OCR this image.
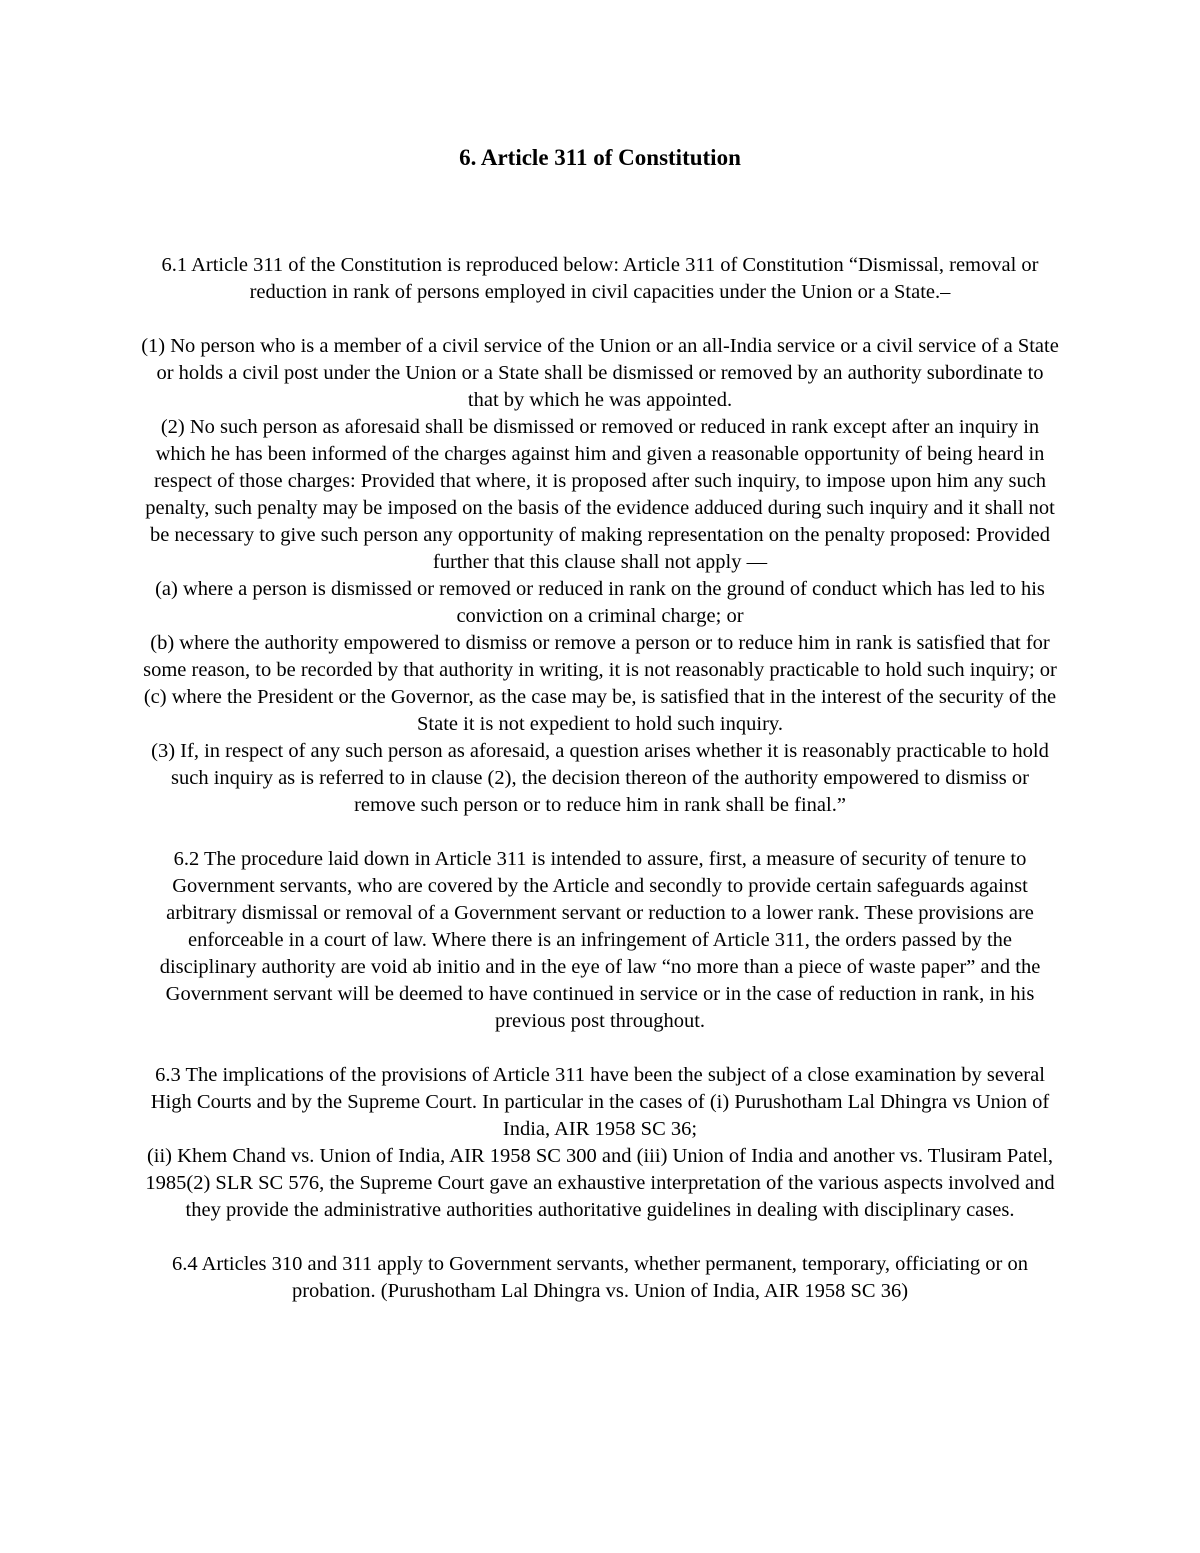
6. Article 311 of Constitution

6.1 Article 311 of the Constitution is reproduced below: Article 311 of Constitution “Dismissal, removal or reduction in rank of persons employed in civil capacities under the Union or a State.–

(1) No person who is a member of a civil service of the Union or an all-India service or a civil service of a State or holds a civil post under the Union or a State shall be dismissed or removed by an authority subordinate to that by which he was appointed.

(2) No such person as aforesaid shall be dismissed or removed or reduced in rank except after an inquiry in which he has been informed of the charges against him and given a reasonable opportunity of being heard in respect of those charges: Provided that where, it is proposed after such inquiry, to impose upon him any such penalty, such penalty may be imposed on the basis of the evidence adduced during such inquiry and it shall not be necessary to give such person any opportunity of making representation on the penalty proposed: Provided further that this clause shall not apply —

(a) where a person is dismissed or removed or reduced in rank on the ground of conduct which has led to his conviction on a criminal charge; or

(b) where the authority empowered to dismiss or remove a person or to reduce him in rank is satisfied that for some reason, to be recorded by that authority in writing, it is not reasonably practicable to hold such inquiry; or

(c) where the President or the Governor, as the case may be, is satisfied that in the interest of the security of the State it is not expedient to hold such inquiry.

(3) If, in respect of any such person as aforesaid, a question arises whether it is reasonably practicable to hold such inquiry as is referred to in clause (2), the decision thereon of the authority empowered to dismiss or remove such person or to reduce him in rank shall be final.”

6.2 The procedure laid down in Article 311 is intended to assure, first, a measure of security of tenure to Government servants, who are covered by the Article and secondly to provide certain safeguards against arbitrary dismissal or removal of a Government servant or reduction to a lower rank. These provisions are enforceable in a court of law. Where there is an infringement of Article 311, the orders passed by the disciplinary authority are void ab initio and in the eye of law “no more than a piece of waste paper” and the Government servant will be deemed to have continued in service or in the case of reduction in rank, in his previous post throughout.

6.3 The implications of the provisions of Article 311 have been the subject of a close examination by several High Courts and by the Supreme Court. In particular in the cases of (i) Purushotham Lal Dhingra vs Union of India, AIR 1958 SC 36;

(ii) Khem Chand vs. Union of India, AIR 1958 SC 300 and (iii) Union of India and another vs. Tlusiram Patel, 1985(2) SLR SC 576, the Supreme Court gave an exhaustive interpretation of the various aspects involved and they provide the administrative authorities authoritative guidelines in dealing with disciplinary cases.

6.4 Articles 310 and 311 apply to Government servants, whether permanent, temporary, officiating or on probation. (Purushotham Lal Dhingra vs. Union of India, AIR 1958 SC 36)
